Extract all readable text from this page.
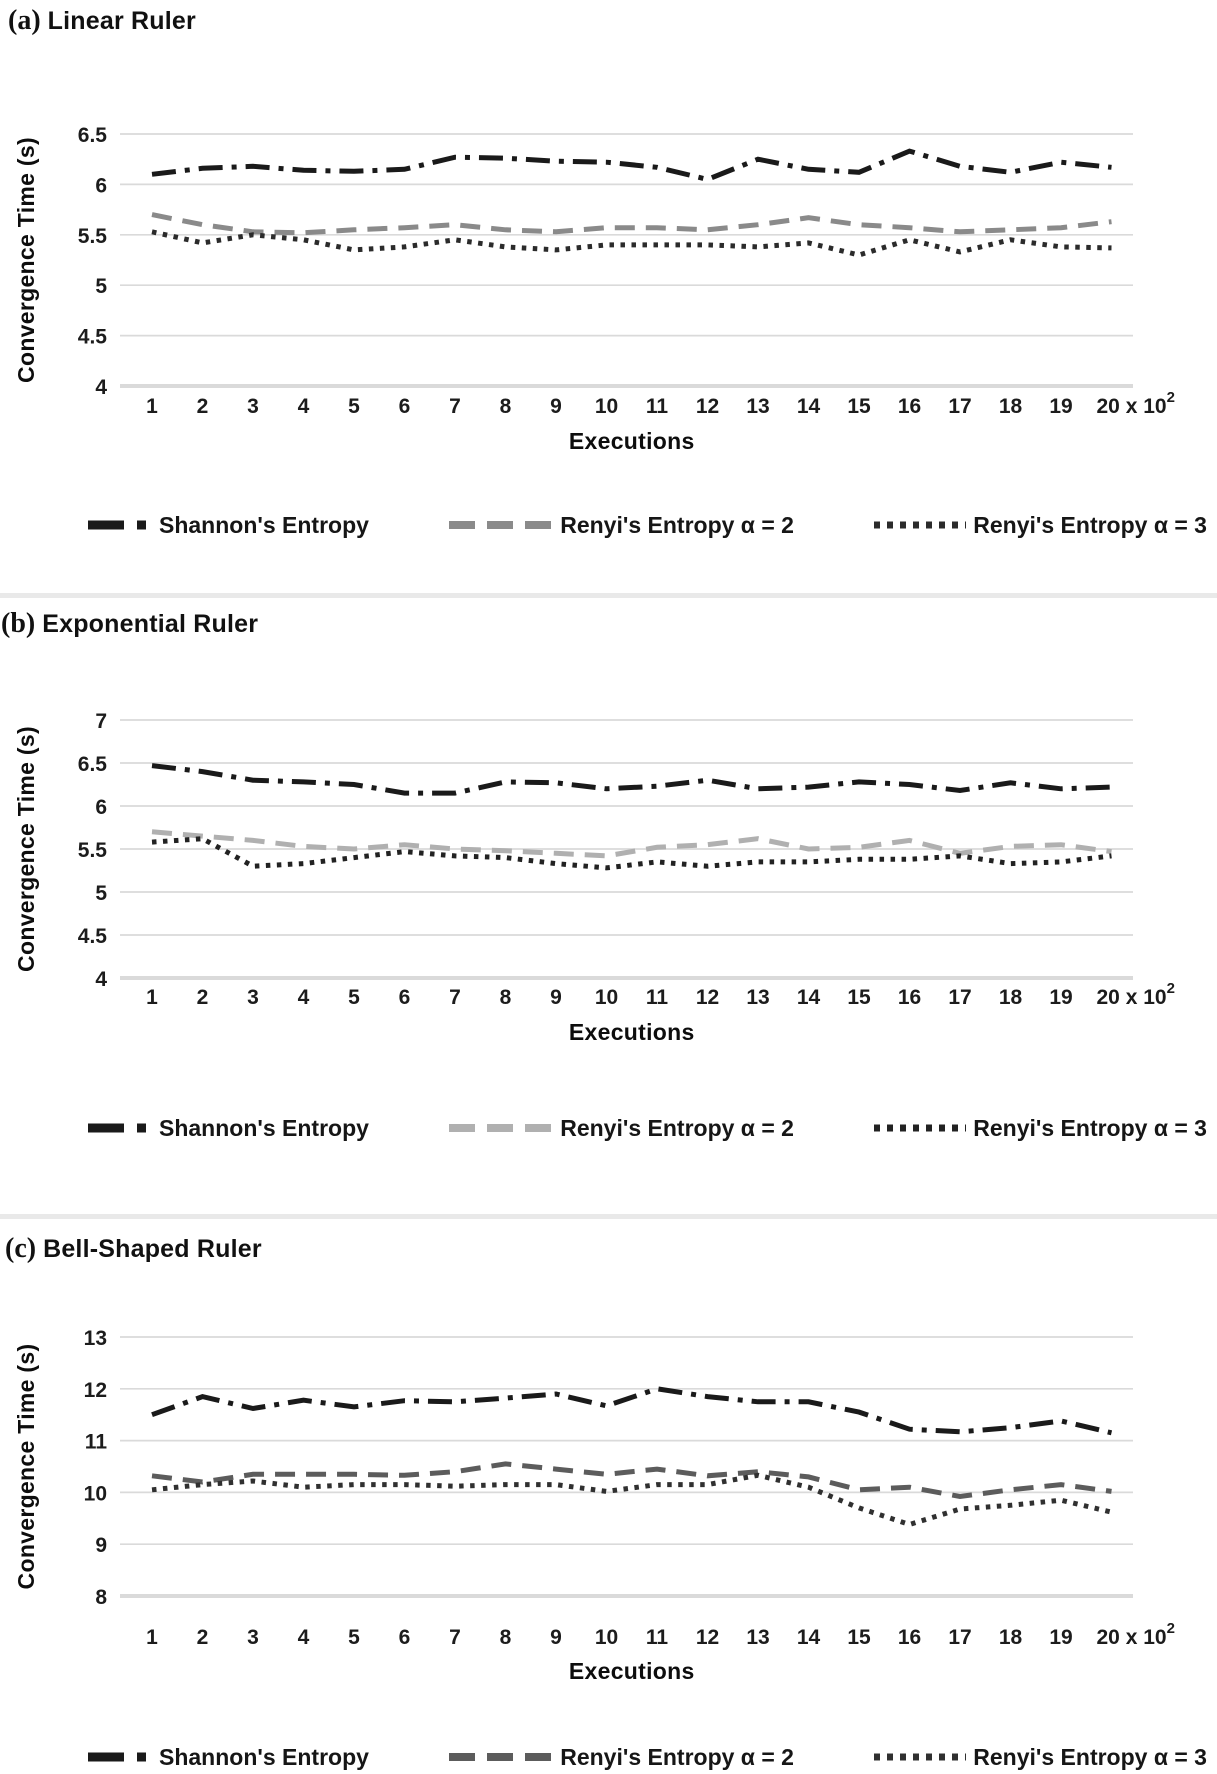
(a) Linear Ruler
6.5
6
5.5
5
4.5
4
1 2 3 4 5 6 7 8 9 10 11 12 13 14 15 16 17 18 19 20 x $10^2$
Convergence Time (s)
Executions
Shannon's Entropy	Renyi's Entropy α = 2	Renyi's Entropy α = 3
(b) Exponential Ruler
7
6.5
6
5.5
5
4.5
4
1 2 3 4 5 6 7 8 9 10 11 12 13 14 15 16 17 18 19 20 x $10^2$
Convergence Time (s)
Executions
Shannon's Entropy	Renyi's Entropy α = 2	Renyi's Entropy α = 3
(c) Bell-Shaped Ruler
13
12
11
10
9
8
1 2 3 4 5 6 7 8 9 10 11 12 13 14 15 16 17 18 19 20 x $10^2$
Convergence Time (s)
Executions
Shannon's Entropy	Renyi's Entropy α = 2	Renyi's Entropy α = 3
